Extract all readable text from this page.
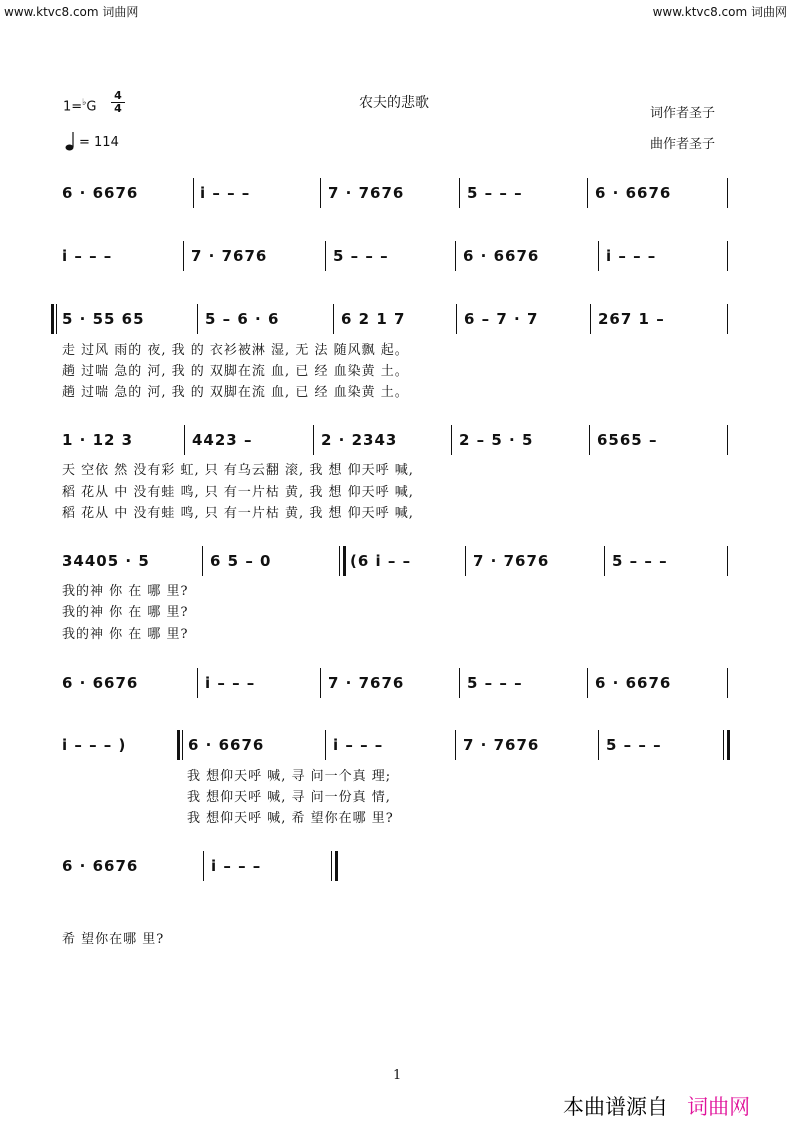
www.ktvc8.com 词曲网	www.ktvc8.com 词曲网
1=♭G
4
4
= 114
农夫的悲歌
词作者圣子
曲作者圣子
6 · 6676	i – – –	7 · 7676	5 – – –	6 · 6676
i – – –	7 · 7676	5 – – –	6 · 6676	i – – –
5 · 55 65	5 – 6 · 6	6 2 1 7	6 – 7 · 7	267 1 –
走 过风 雨的 夜, 我 的 衣衫被淋 湿, 无 法 随风飘 起。
趟 过喘 急的 河, 我 的 双脚在流 血, 已 经 血染黄 土。
趟 过喘 急的 河, 我 的 双脚在流 血, 已 经 血染黄 土。
1 · 12 3	4423 –	2 · 2343	2 – 5 · 5	6565 –
天 空依 然 没有彩 虹, 只 有乌云翻 滚, 我 想 仰天呼 喊,
稻 花从 中 没有蛙 鸣, 只 有一片枯 黄, 我 想 仰天呼 喊,
稻 花从 中 没有蛙 鸣, 只 有一片枯 黄, 我 想 仰天呼 喊,
34405 · 5	6 5 – 0	(6 i – –	7 · 7676	5 – – –
我的神 你 在 哪 里?
我的神 你 在 哪 里?
我的神 你 在 哪 里?
6 · 6676	i – – –	7 · 7676	5 – – –	6 · 6676
i – – – )	6 · 6676	i – – –	7 · 7676	5 – – –
我 想仰天呼 喊, 寻 问一个真 理;
我 想仰天呼 喊, 寻 问一份真 情,
我 想仰天呼 喊, 希 望你在哪 里?
6 · 6676	i – – –
希 望你在哪 里?
1
本曲谱源自 词曲网
